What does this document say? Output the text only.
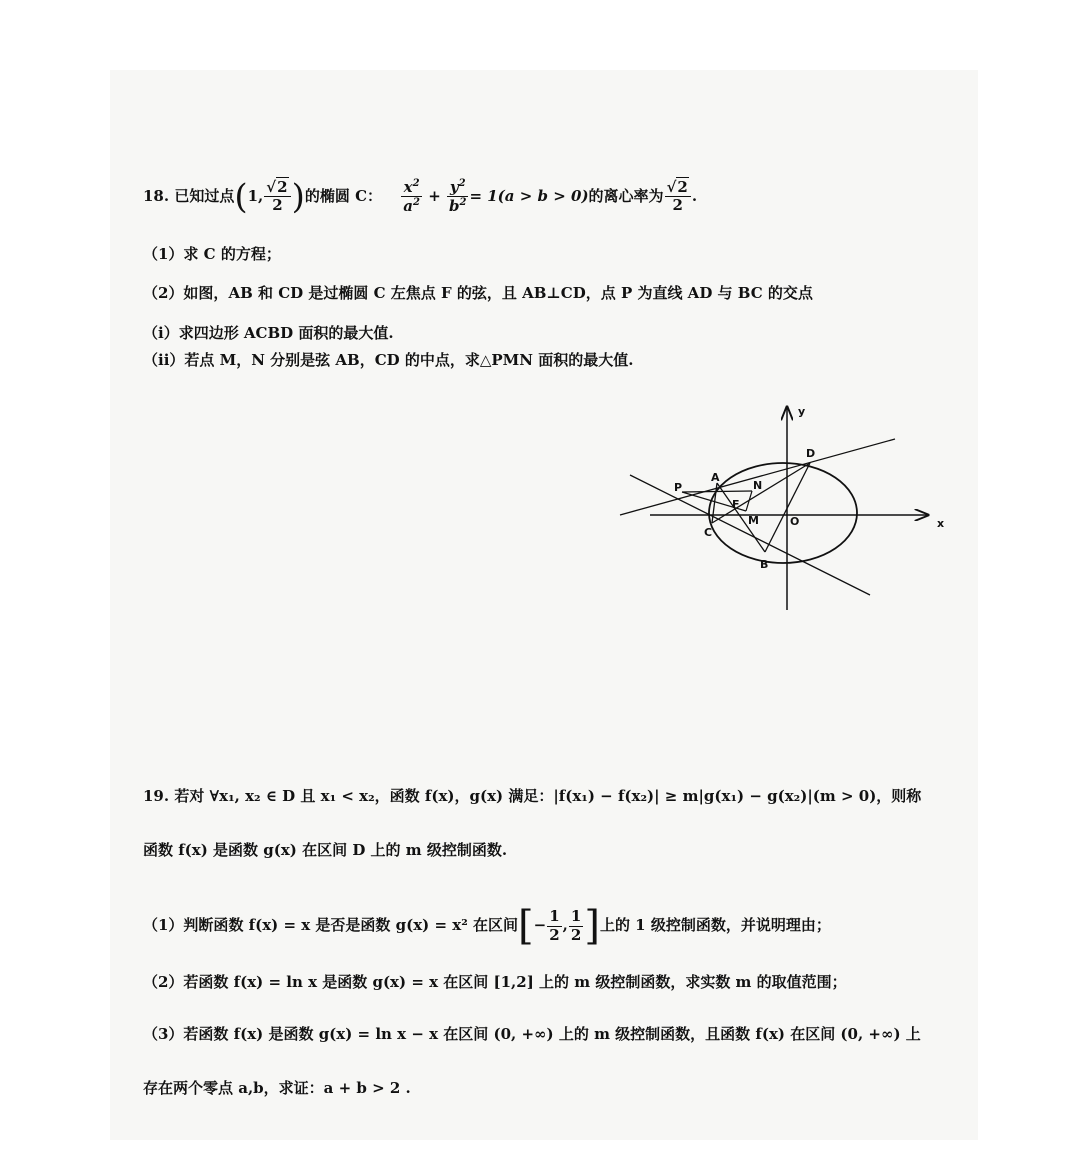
18. 已知过点(1, $\frac{√2}{2}$ )的椭圆 C： $\frac{x^2}{a^2} + \frac{y^2}{b^2} = 1(a > b > 0)$的离心率为 $\frac{√2}{2}$ .
（1）求 C 的方程；
（2）如图，AB 和 CD 是过椭圆 C 左焦点 F 的弦，且 AB⊥CD，点 P 为直线 AD 与 BC 的交点
（i）求四边形 ACBD 面积的最大值.
（ii）若点 M，N 分别是弦 AB，CD 的中点，求△PMN 面积的最大值.
y
x
D
A
P	N
F
M	O
C
B
19. 若对 ∀x₁, x₂ ∈ D 且 x₁ < x₂，函数 f(x)，g(x) 满足：|f(x₁) − f(x₂)| ≥ m|g(x₁) − g(x₂)|(m > 0)，则称
函数 f(x) 是函数 g(x) 在区间 D 上的 m 级控制函数.
（1）判断函数 f(x) = x 是否是函数 g(x) = x² 在区间[− $\frac{1}{2}$ , $\frac{1}{2}$ ]上的 1 级控制函数，并说明理由；
（2）若函数 f(x) = ln x 是函数 g(x) = x 在区间 [1,2] 上的 m 级控制函数，求实数 m 的取值范围；
（3）若函数 f(x) 是函数 g(x) = ln x − x 在区间 (0, +∞) 上的 m 级控制函数，且函数 f(x) 在区间 (0, +∞) 上
存在两个零点 a,b，求证：a + b > 2 .
